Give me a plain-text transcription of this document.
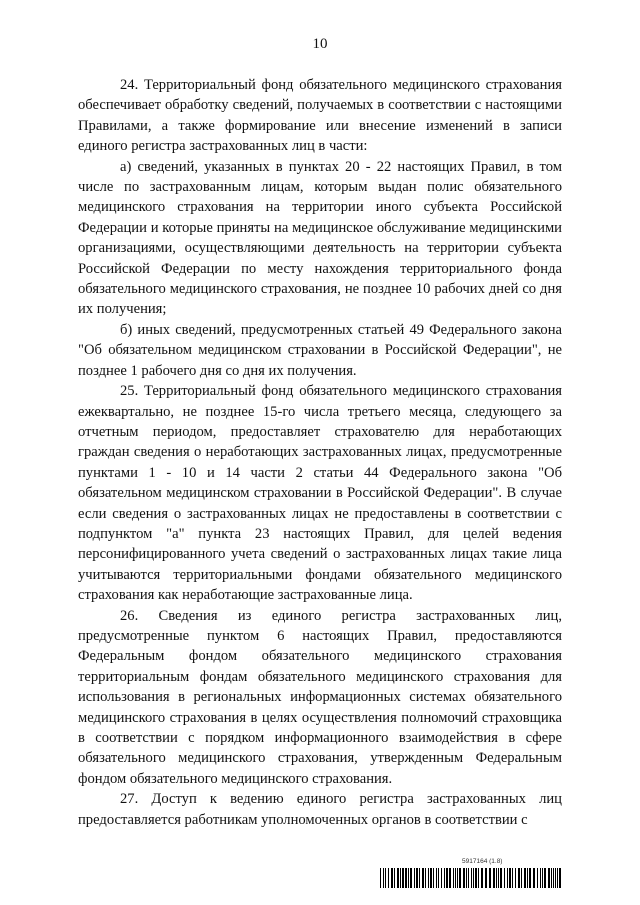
10

24. Территориальный фонд обязательного медицинского страхования обеспечивает обработку сведений, получаемых в соответствии с настоящими Правилами, а также формирование или внесение изменений в записи единого регистра застрахованных лиц в части:

а) сведений, указанных в пунктах 20 - 22 настоящих Правил, в том числе по застрахованным лицам, которым выдан полис обязательного медицинского страхования на территории иного субъекта Российской Федерации и которые приняты на медицинское обслуживание медицинскими организациями, осуществляющими деятельность на территории субъекта Российской Федерации по месту нахождения территориального фонда обязательного медицинского страхования, не позднее 10 рабочих дней со дня их получения;

б) иных сведений, предусмотренных статьей 49 Федерального закона "Об обязательном медицинском страховании в Российской Федерации", не позднее 1 рабочего дня со дня их получения.

25. Территориальный фонд обязательного медицинского страхования ежеквартально, не позднее 15-го числа третьего месяца, следующего за отчетным периодом, предоставляет страхователю для неработающих граждан сведения о неработающих застрахованных лицах, предусмотренные пунктами 1 - 10 и 14 части 2 статьи 44 Федерального закона "Об обязательном медицинском страховании в Российской Федерации". В случае если сведения о застрахованных лицах не предоставлены в соответствии с подпунктом "а" пункта 23 настоящих Правил, для целей ведения персонифицированного учета сведений о застрахованных лицах такие лица учитываются территориальными фондами обязательного медицинского страхования как неработающие застрахованные лица.

26. Сведения из единого регистра застрахованных лиц, предусмотренные пунктом 6 настоящих Правил, предоставляются Федеральным фондом обязательного медицинского страхования территориальным фондам обязательного медицинского страхования для использования в региональных информационных системах обязательного медицинского страхования в целях осуществления полномочий страховщика в соответствии с порядком информационного взаимодействия в сфере обязательного медицинского страхования, утвержденным Федеральным фондом обязательного медицинского страхования.

27. Доступ к ведению единого регистра застрахованных лиц предоставляется работникам уполномоченных органов в соответствии с

5917164 (1.8)
